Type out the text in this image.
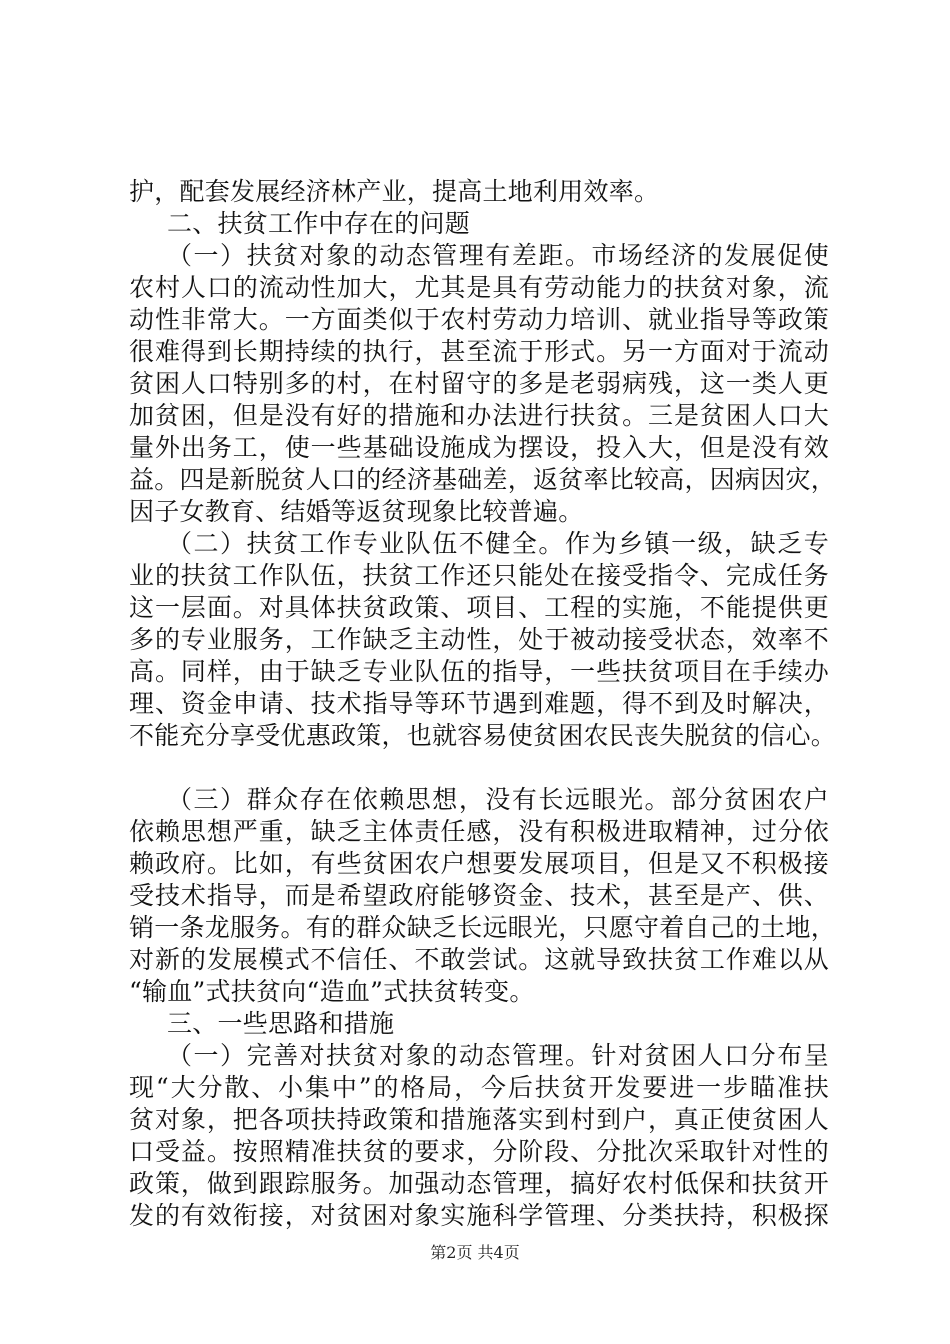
护，配套发展经济林产业，提高土地利用效率。
二、扶贫工作中存在的问题
（一）扶贫对象的动态管理有差距。市场经济的发展促使
农村人口的流动性加大，尤其是具有劳动能力的扶贫对象，流
动性非常大。一方面类似于农村劳动力培训、就业指导等政策
很难得到长期持续的执行，甚至流于形式。另一方面对于流动
贫困人口特别多的村，在村留守的多是老弱病残，这一类人更
加贫困，但是没有好的措施和办法进行扶贫。三是贫困人口大
量外出务工，使一些基础设施成为摆设，投入大，但是没有效
益。四是新脱贫人口的经济基础差，返贫率比较高，因病因灾，
因子女教育、结婚等返贫现象比较普遍。
（二）扶贫工作专业队伍不健全。作为乡镇一级，缺乏专
业的扶贫工作队伍，扶贫工作还只能处在接受指令、完成任务
这一层面。对具体扶贫政策、项目、工程的实施，不能提供更
多的专业服务，工作缺乏主动性，处于被动接受状态，效率不
高。同样，由于缺乏专业队伍的指导，一些扶贫项目在手续办
理、资金申请、技术指导等环节遇到难题，得不到及时解决，
不能充分享受优惠政策，也就容易使贫困农民丧失脱贫的信心。
（三）群众存在依赖思想，没有长远眼光。部分贫困农户
依赖思想严重，缺乏主体责任感，没有积极进取精神，过分依
赖政府。比如，有些贫困农户想要发展项目，但是又不积极接
受技术指导，而是希望政府能够资金、技术，甚至是产、供、
销一条龙服务。有的群众缺乏长远眼光，只愿守着自己的土地，
对新的发展模式不信任、不敢尝试。这就导致扶贫工作难以从
“输血”式扶贫向“造血”式扶贫转变。
三、一些思路和措施
（一）完善对扶贫对象的动态管理。针对贫困人口分布呈
现“大分散、小集中”的格局，今后扶贫开发要进一步瞄准扶
贫对象，把各项扶持政策和措施落实到村到户，真正使贫困人
口受益。按照精准扶贫的要求，分阶段、分批次采取针对性的
政策，做到跟踪服务。加强动态管理，搞好农村低保和扶贫开
发的有效衔接，对贫困对象实施科学管理、分类扶持，积极探
第2页 共4页
